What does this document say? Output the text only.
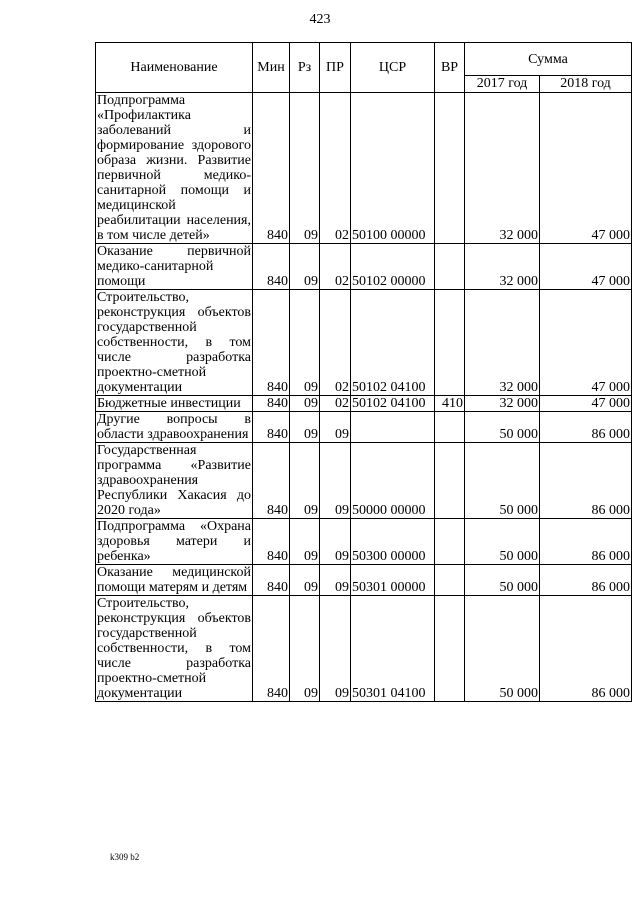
423
Наименование	Мин	Рз	ПР	ЦСР	ВР	Сумма	
						2017 год	2018 год
Подпрограмма «Профилактика заболеваний и формирование здорового образа жизни. Развитие первичной медико-санитарной помощи и медицинской реабилитации населения, в том числе детей»	840	09	02	50100 00000		32 000	47 000
Оказание первичной медико-санитарной помощи	840	09	02	50102 00000		32 000	47 000
Строительство, реконструкция объектов государственной собственности, в том числе разработка проектно-сметной документации	840	09	02	50102 04100		32 000	47 000
Бюджетные инвестиции	840	09	02	50102 04100	410	32 000	47 000
Другие вопросы в области здравоохранения	840	09	09			50 000	86 000
Государственная программа «Развитие здравоохранения Республики Хакасия до 2020 года»	840	09	09	50000 00000		50 000	86 000
Подпрограмма «Охрана здоровья матери и ребенка»	840	09	09	50300 00000		50 000	86 000
Оказание медицинской помощи матерям и детям	840	09	09	50301 00000		50 000	86 000
Строительство, реконструкция объектов государственной собственности, в том числе разработка проектно-сметной документации	840	09	09	50301 04100		50 000	86 000
k309 b2
